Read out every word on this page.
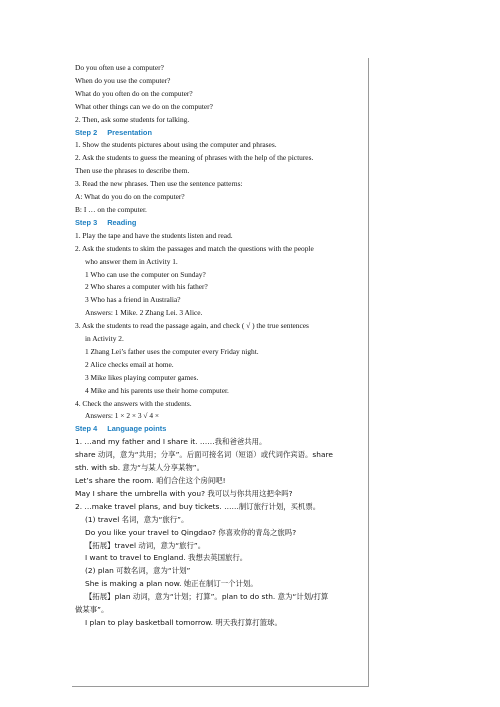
Do you often use a computer?
When do you use the computer?
What do you often do on the computer?
What other things can we do on the computer?
2. Then, ask some students for talking.
Step 2 Presentation
1. Show the students pictures about using the computer and phrases.
2. Ask the students to guess the meaning of phrases with the help of the pictures.
Then use the phrases to describe them.
3. Read the new phrases. Then use the sentence patterns:
A: What do you do on the computer?
B: I … on the computer.
Step 3 Reading
1. Play the tape and have the students listen and read.
2. Ask the students to skim the passages and match the questions with the people
who answer them in Activity 1.
1 Who can use the computer on Sunday?
2 Who shares a computer with his father?
3 Who has a friend in Australia?
Answers: 1 Mike. 2 Zhang Lei. 3 Alice.
3. Ask the students to read the passage again, and check ( √ ) the true sentences
in Activity 2.
1 Zhang Lei’s father uses the computer every Friday night.
2 Alice checks email at home.
3 Mike likes playing computer games.
4 Mike and his parents use their home computer.
4. Check the answers with the students.
Answers: 1 × 2 × 3 √ 4 ×
Step 4 Language points
1. …and my father and I share it. ……我和爸爸共用。
share 动词，意为“共用；分享”。后面可接名词（短语）或代词作宾语。share
sth. with sb. 意为“与某人分享某物”。
Let’s share the room. 咱们合住这个房间吧!
May I share the umbrella with you? 我可以与你共用这把伞吗?
2. …make travel plans, and buy tickets. ……制订旅行计划，买机票。
(1) travel 名词，意为“旅行”。
Do you like your travel to Qingdao? 你喜欢你的青岛之旅吗?
【拓展】travel 动词，意为“旅行”。
I want to travel to England. 我想去英国旅行。
(2) plan 可数名词，意为“计划”
She is making a plan now. 她正在制订一个计划。
【拓展】plan 动词，意为“计划；打算”。plan to do sth. 意为“计划/打算
做某事”。
I plan to play basketball tomorrow. 明天我打算打篮球。
